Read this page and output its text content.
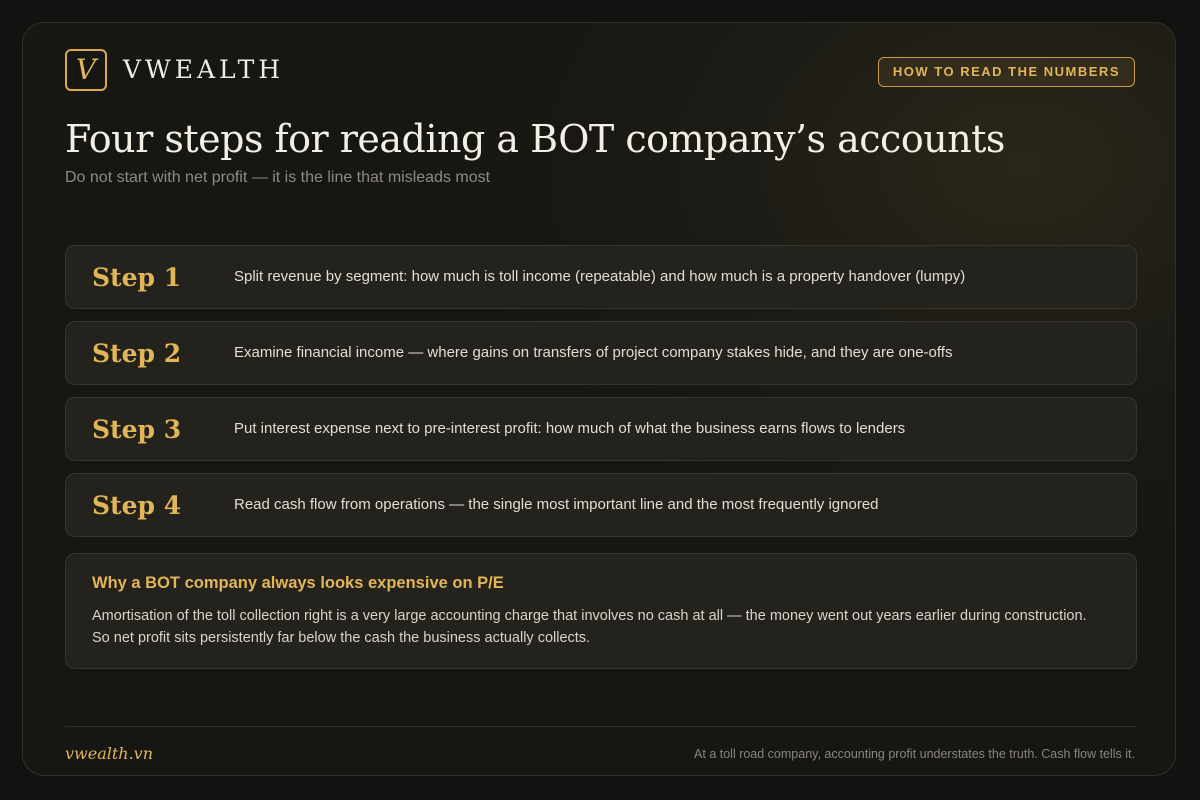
V	VWEALTH	HOW TO READ THE NUMBERS
Four steps for reading a BOT company’s accounts
Do not start with net profit — it is the line that misleads most
Step 1	Split revenue by segment: how much is toll income (repeatable) and how much is a property handover (lumpy)
Step 2	Examine financial income — where gains on transfers of project company stakes hide, and they are one-offs
Step 3	Put interest expense next to pre-interest profit: how much of what the business earns flows to lenders
Step 4	Read cash flow from operations — the single most important line and the most frequently ignored
Why a BOT company always looks expensive on P/E
Amortisation of the toll collection right is a very large accounting charge that involves no cash at all — the money went out years earlier during construction. So net profit sits persistently far below the cash the business actually collects.
vwealth.vn	At a toll road company, accounting profit understates the truth. Cash flow tells it.
